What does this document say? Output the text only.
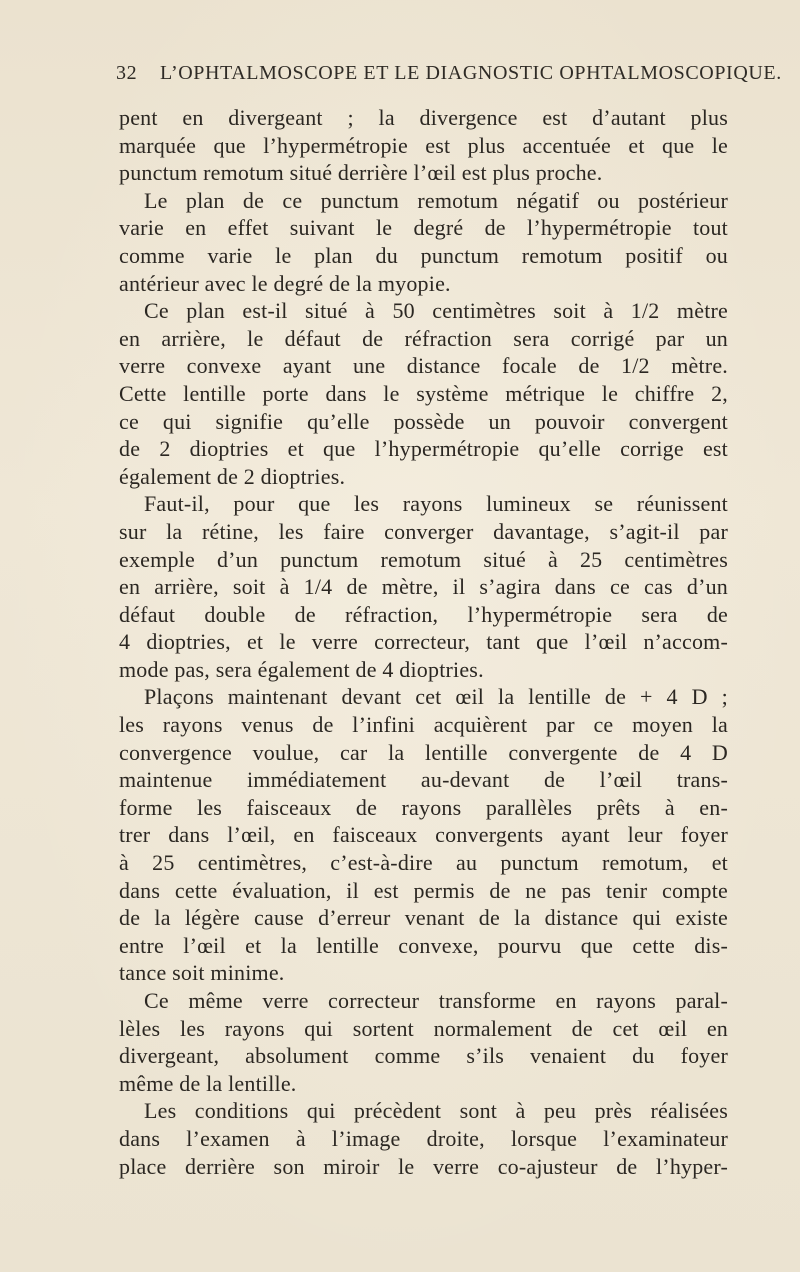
32 L’OPHTALMOSCOPE ET LE DIAGNOSTIC OPHTALMOSCOPIQUE.
pent en divergeant ; la divergence est d’autant plus
marquée que l’hypermétropie est plus accentuée et que le
punctum remotum situé derrière l’œil est plus proche.
Le plan de ce punctum remotum négatif ou postérieur
varie en effet suivant le degré de l’hypermétropie tout
comme varie le plan du punctum remotum positif ou
antérieur avec le degré de la myopie.
Ce plan est-il situé à 50 centimètres soit à 1/2 mètre
en arrière, le défaut de réfraction sera corrigé par un
verre convexe ayant une distance focale de 1/2 mètre.
Cette lentille porte dans le système métrique le chiffre 2,
ce qui signifie qu’elle possède un pouvoir convergent
de 2 dioptries et que l’hypermétropie qu’elle corrige est
également de 2 dioptries.
Faut-il, pour que les rayons lumineux se réunissent
sur la rétine, les faire converger davantage, s’agit-il par
exemple d’un punctum remotum situé à 25 centimètres
en arrière, soit à 1/4 de mètre, il s’agira dans ce cas d’un
défaut double de réfraction, l’hypermétropie sera de
4 dioptries, et le verre correcteur, tant que l’œil n’accom-
mode pas, sera également de 4 dioptries.
Plaçons maintenant devant cet œil la lentille de + 4 D ;
les rayons venus de l’infini acquièrent par ce moyen la
convergence voulue, car la lentille convergente de 4 D
maintenue immédiatement au-devant de l’œil trans-
forme les faisceaux de rayons parallèles prêts à en-
trer dans l’œil, en faisceaux convergents ayant leur foyer
à 25 centimètres, c’est-à-dire au punctum remotum, et
dans cette évaluation, il est permis de ne pas tenir compte
de la légère cause d’erreur venant de la distance qui existe
entre l’œil et la lentille convexe, pourvu que cette dis-
tance soit minime.
Ce même verre correcteur transforme en rayons paral-
lèles les rayons qui sortent normalement de cet œil en
divergeant, absolument comme s’ils venaient du foyer
même de la lentille.
Les conditions qui précèdent sont à peu près réalisées
dans l’examen à l’image droite, lorsque l’examinateur
place derrière son miroir le verre co-ajusteur de l’hyper-
